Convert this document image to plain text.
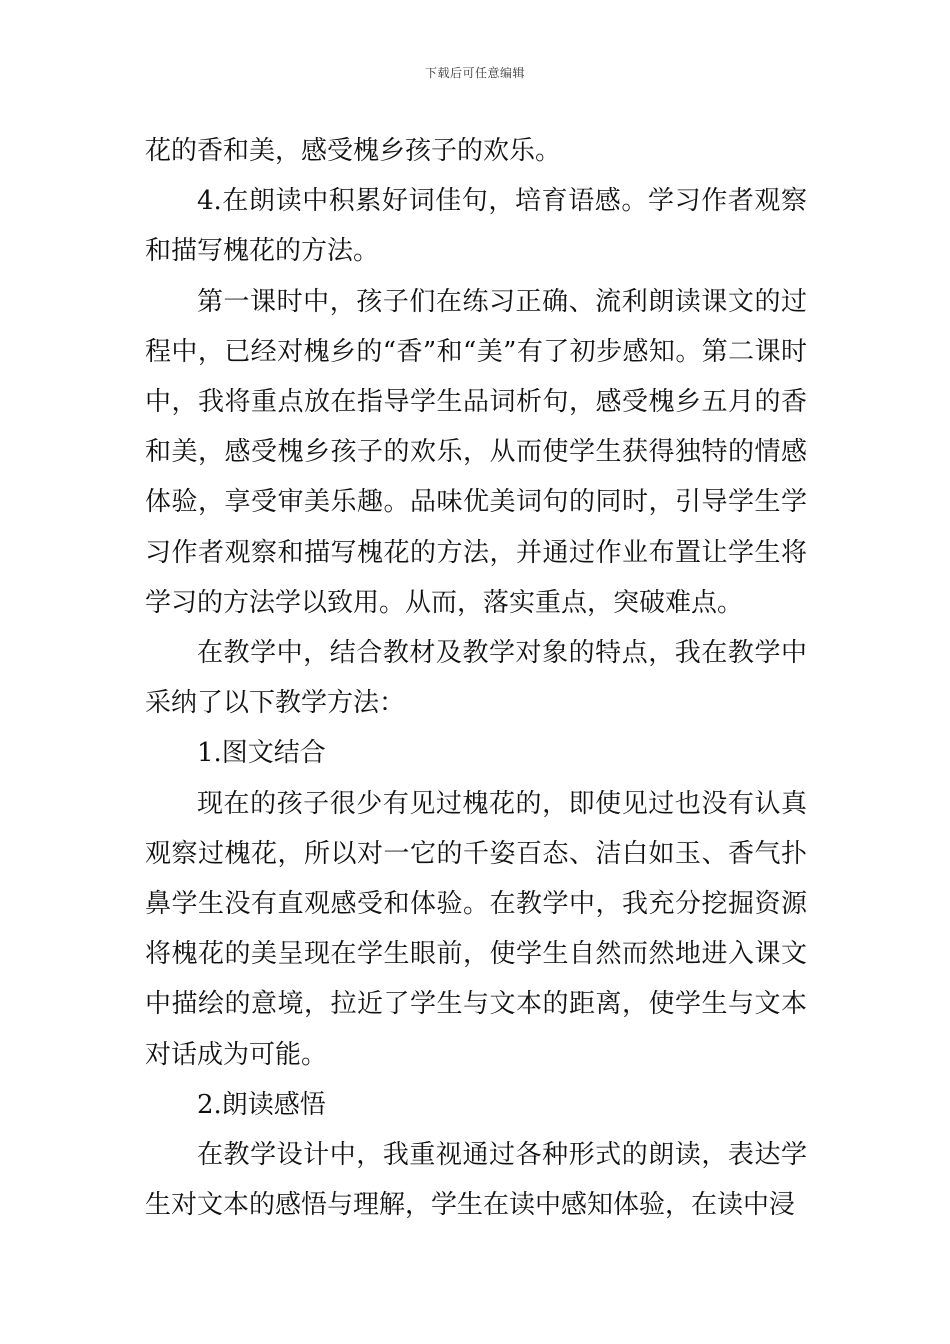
下载后可任意编辑

花的香和美，感受槐乡孩子的欢乐。

4.在朗读中积累好词佳句，培育语感。学习作者观察和描写槐花的方法。

第一课时中，孩子们在练习正确、流利朗读课文的过程中，已经对槐乡的“香”和“美”有了初步感知。第二课时中，我将重点放在指导学生品词析句，感受槐乡五月的香和美，感受槐乡孩子的欢乐，从而使学生获得独特的情感体验，享受审美乐趣。品味优美词句的同时，引导学生学习作者观察和描写槐花的方法，并通过作业布置让学生将学习的方法学以致用。从而，落实重点，突破难点。

在教学中，结合教材及教学对象的特点，我在教学中采纳了以下教学方法：

1.图文结合

现在的孩子很少有见过槐花的，即使见过也没有认真观察过槐花，所以对一它的千姿百态、洁白如玉、香气扑鼻学生没有直观感受和体验。在教学中，我充分挖掘资源将槐花的美呈现在学生眼前，使学生自然而然地进入课文中描绘的意境，拉近了学生与文本的距离，使学生与文本对话成为可能。

2.朗读感悟

在教学设计中，我重视通过各种形式的朗读，表达学生对文本的感悟与理解，学生在读中感知体验，在读中浸
